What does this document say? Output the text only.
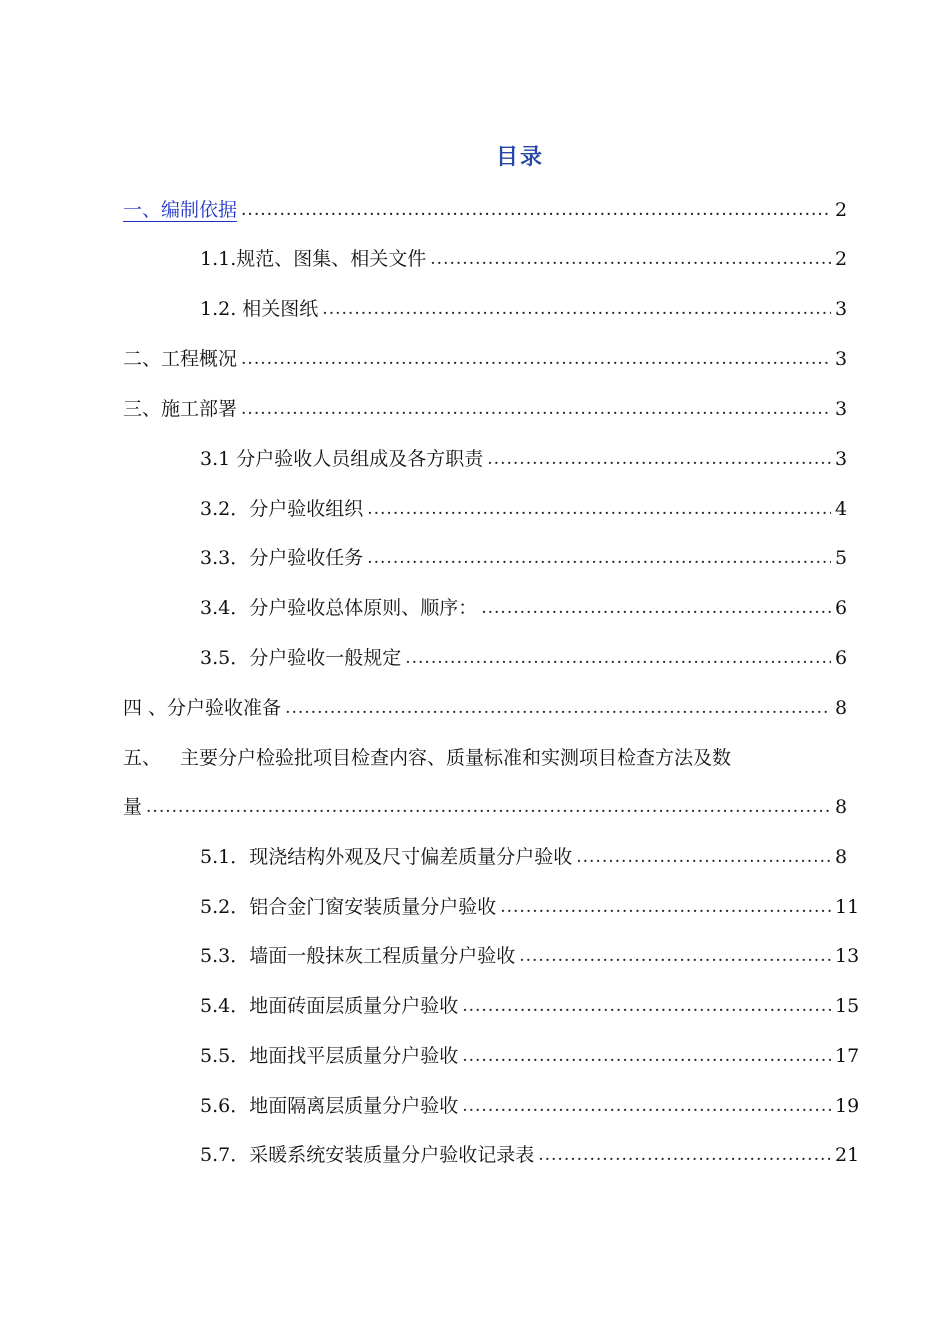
目录
一、 编制依据 .....	2
1.1.规范、图集、相关文件 .....	2
1.2. 相关图纸 .....	3
二、 工程概况 .....	3
三、 施工部署 .....	3
3.1 分户验收人员组成及各方职责 .....	3
3.2．分户验收组织 .....	4
3.3．分户验收任务 .....	5
3.4．分户验收总体原则、顺序： .....	6
3.5．分户验收一般规定 .....	6
四 、 分户验收准备 .....	8
五、 主要分户检验批项目检查内容、质量标准和实测项目检查方法及数
量 .....	8
5.1．现浇结构外观及尺寸偏差质量分户验收 .....	8
5.2．铝合金门窗安装质量分户验收 .....	11
5.3．墙面一般抹灰工程质量分户验收 .....	13
5.4．地面砖面层质量分户验收 .....	15
5.5．地面找平层质量分户验收 .....	17
5.6．地面隔离层质量分户验收 .....	19
5.7．采暖系统安装质量分户验收记录表 .....	21
